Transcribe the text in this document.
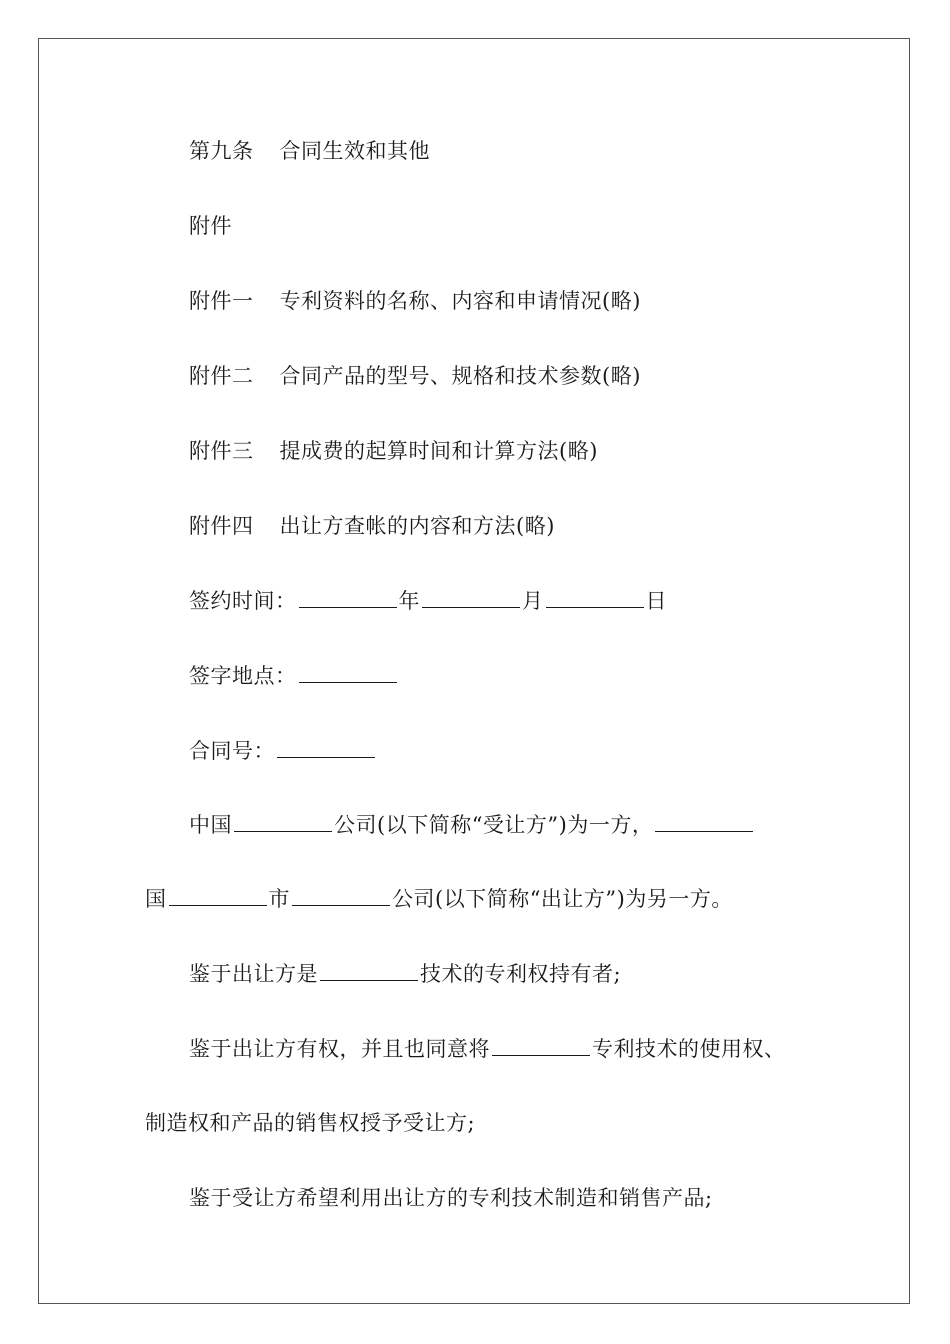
第九条 合同生效和其他
附件
附件一 专利资料的名称、内容和申请情况(略)
附件二 合同产品的型号、规格和技术参数(略)
附件三 提成费的起算时间和计算方法(略)
附件四 出让方查帐的内容和方法(略)
签约时间：	年	月	日
签字地点：
合同号：
中国	公司(以下简称“受让方”)为一方，
国	市	公司(以下简称“出让方”)为另一方。
鉴于出让方是	技术的专利权持有者;
鉴于出让方有权，并且也同意将	专利技术的使用权、
制造权和产品的销售权授予受让方;
鉴于受让方希望利用出让方的专利技术制造和销售产品;
